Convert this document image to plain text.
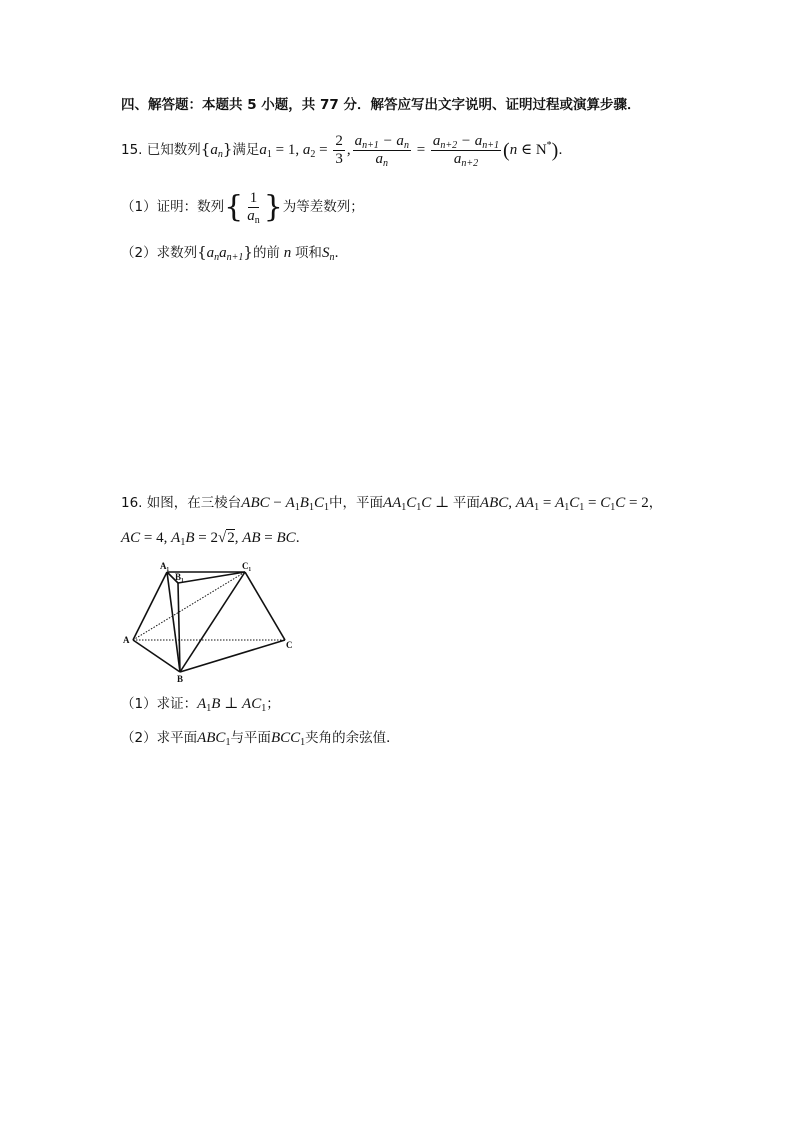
四、解答题：本题共 5 小题，共 77 分．解答应写出文字说明、证明过程或演算步骤．
15. 已知数列$\{a_n\}$满足$a_1 = 1$, $a_2 = \frac{2}{3}$ , $\frac{a_{n+1} - a_n}{a_n} = \frac{a_{n+2} - a_{n+1}}{a_{n+2}} (n$ ∈ N*)．
（1）证明：数列{ $\frac{1}{a_n}$ }为等差数列；
（2）求数列$\{a_na_{n+1}\}$的前 n 项和$S_n$．
16. 如图，在三棱台ABC − $A_1B_1C_1$中，平面$AA_1C_1C$ ⊥ 平面ABC, $AA_1 = A_1C_1 = C_1C = 2$，
AC = 4, $A_1B = 2√2$, AB = BC．
A
B
C
A₁
B₁
C₁
（1）求证：$A_1B$ ⊥ $AC_1$；
（2）求平面$ABC_1$与平面$BCC_1$夹角的余弦值．
